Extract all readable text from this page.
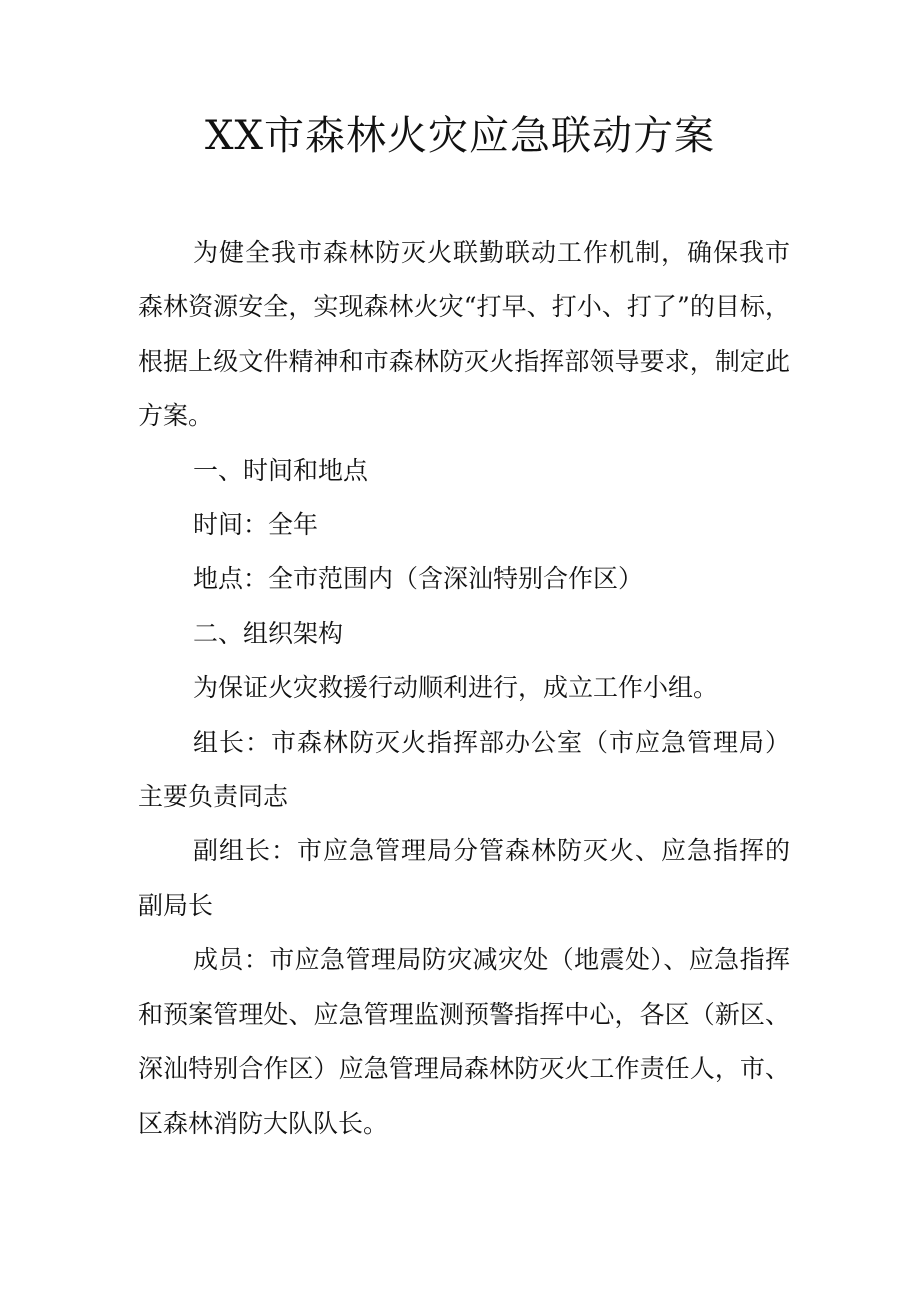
XX市森林火灾应急联动方案

为健全我市森林防灭火联勤联动工作机制，确保我市森林资源安全，实现森林火灾“打早、打小、打了”的目标，根据上级文件精神和市森林防灭火指挥部领导要求，制定此方案。

一、时间和地点

时间：全年

地点：全市范围内（含深汕特别合作区）

二、组织架构

为保证火灾救援行动顺利进行，成立工作小组。

组长：市森林防灭火指挥部办公室（市应急管理局）主要负责同志

副组长：市应急管理局分管森林防灭火、应急指挥的副局长

成员：市应急管理局防灾减灾处（地震处）、应急指挥和预案管理处、应急管理监测预警指挥中心，各区（新区、深汕特别合作区）应急管理局森林防灭火工作责任人，市、区森林消防大队队长。
